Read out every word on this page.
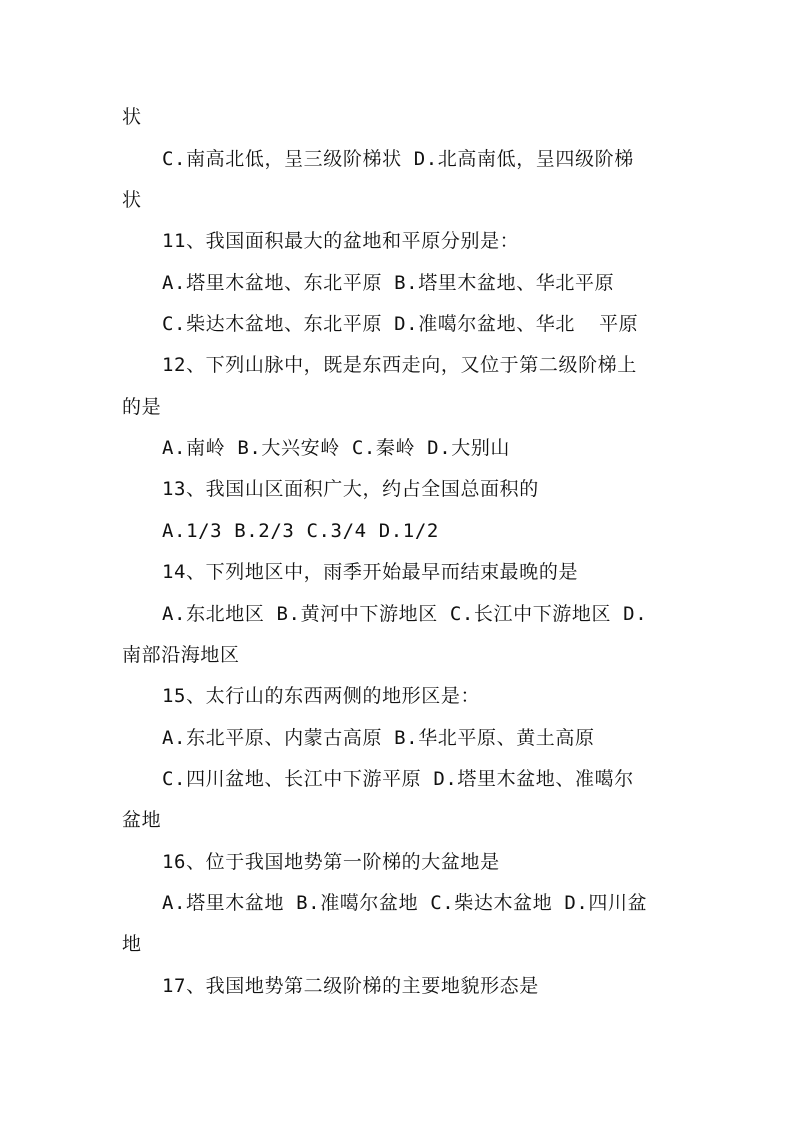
状
C.南高北低，呈三级阶梯状 D.北高南低，呈四级阶梯
状
11、我国面积最大的盆地和平原分别是：
A.塔里木盆地、东北平原 B.塔里木盆地、华北平原
C.柴达木盆地、东北平原 D.准噶尔盆地、华北  平原
12、下列山脉中，既是东西走向，又位于第二级阶梯上
的是
A.南岭 B.大兴安岭 C.秦岭 D.大别山
13、我国山区面积广大，约占全国总面积的
A.1/3 B.2/3 C.3/4 D.1/2
14、下列地区中，雨季开始最早而结束最晚的是
A.东北地区 B.黄河中下游地区 C.长江中下游地区 D.
南部沿海地区
15、太行山的东西两侧的地形区是：
A.东北平原、内蒙古高原 B.华北平原、黄土高原
C.四川盆地、长江中下游平原 D.塔里木盆地、准噶尔
盆地
16、位于我国地势第一阶梯的大盆地是
A.塔里木盆地 B.准噶尔盆地 C.柴达木盆地 D.四川盆
地
17、我国地势第二级阶梯的主要地貌形态是
